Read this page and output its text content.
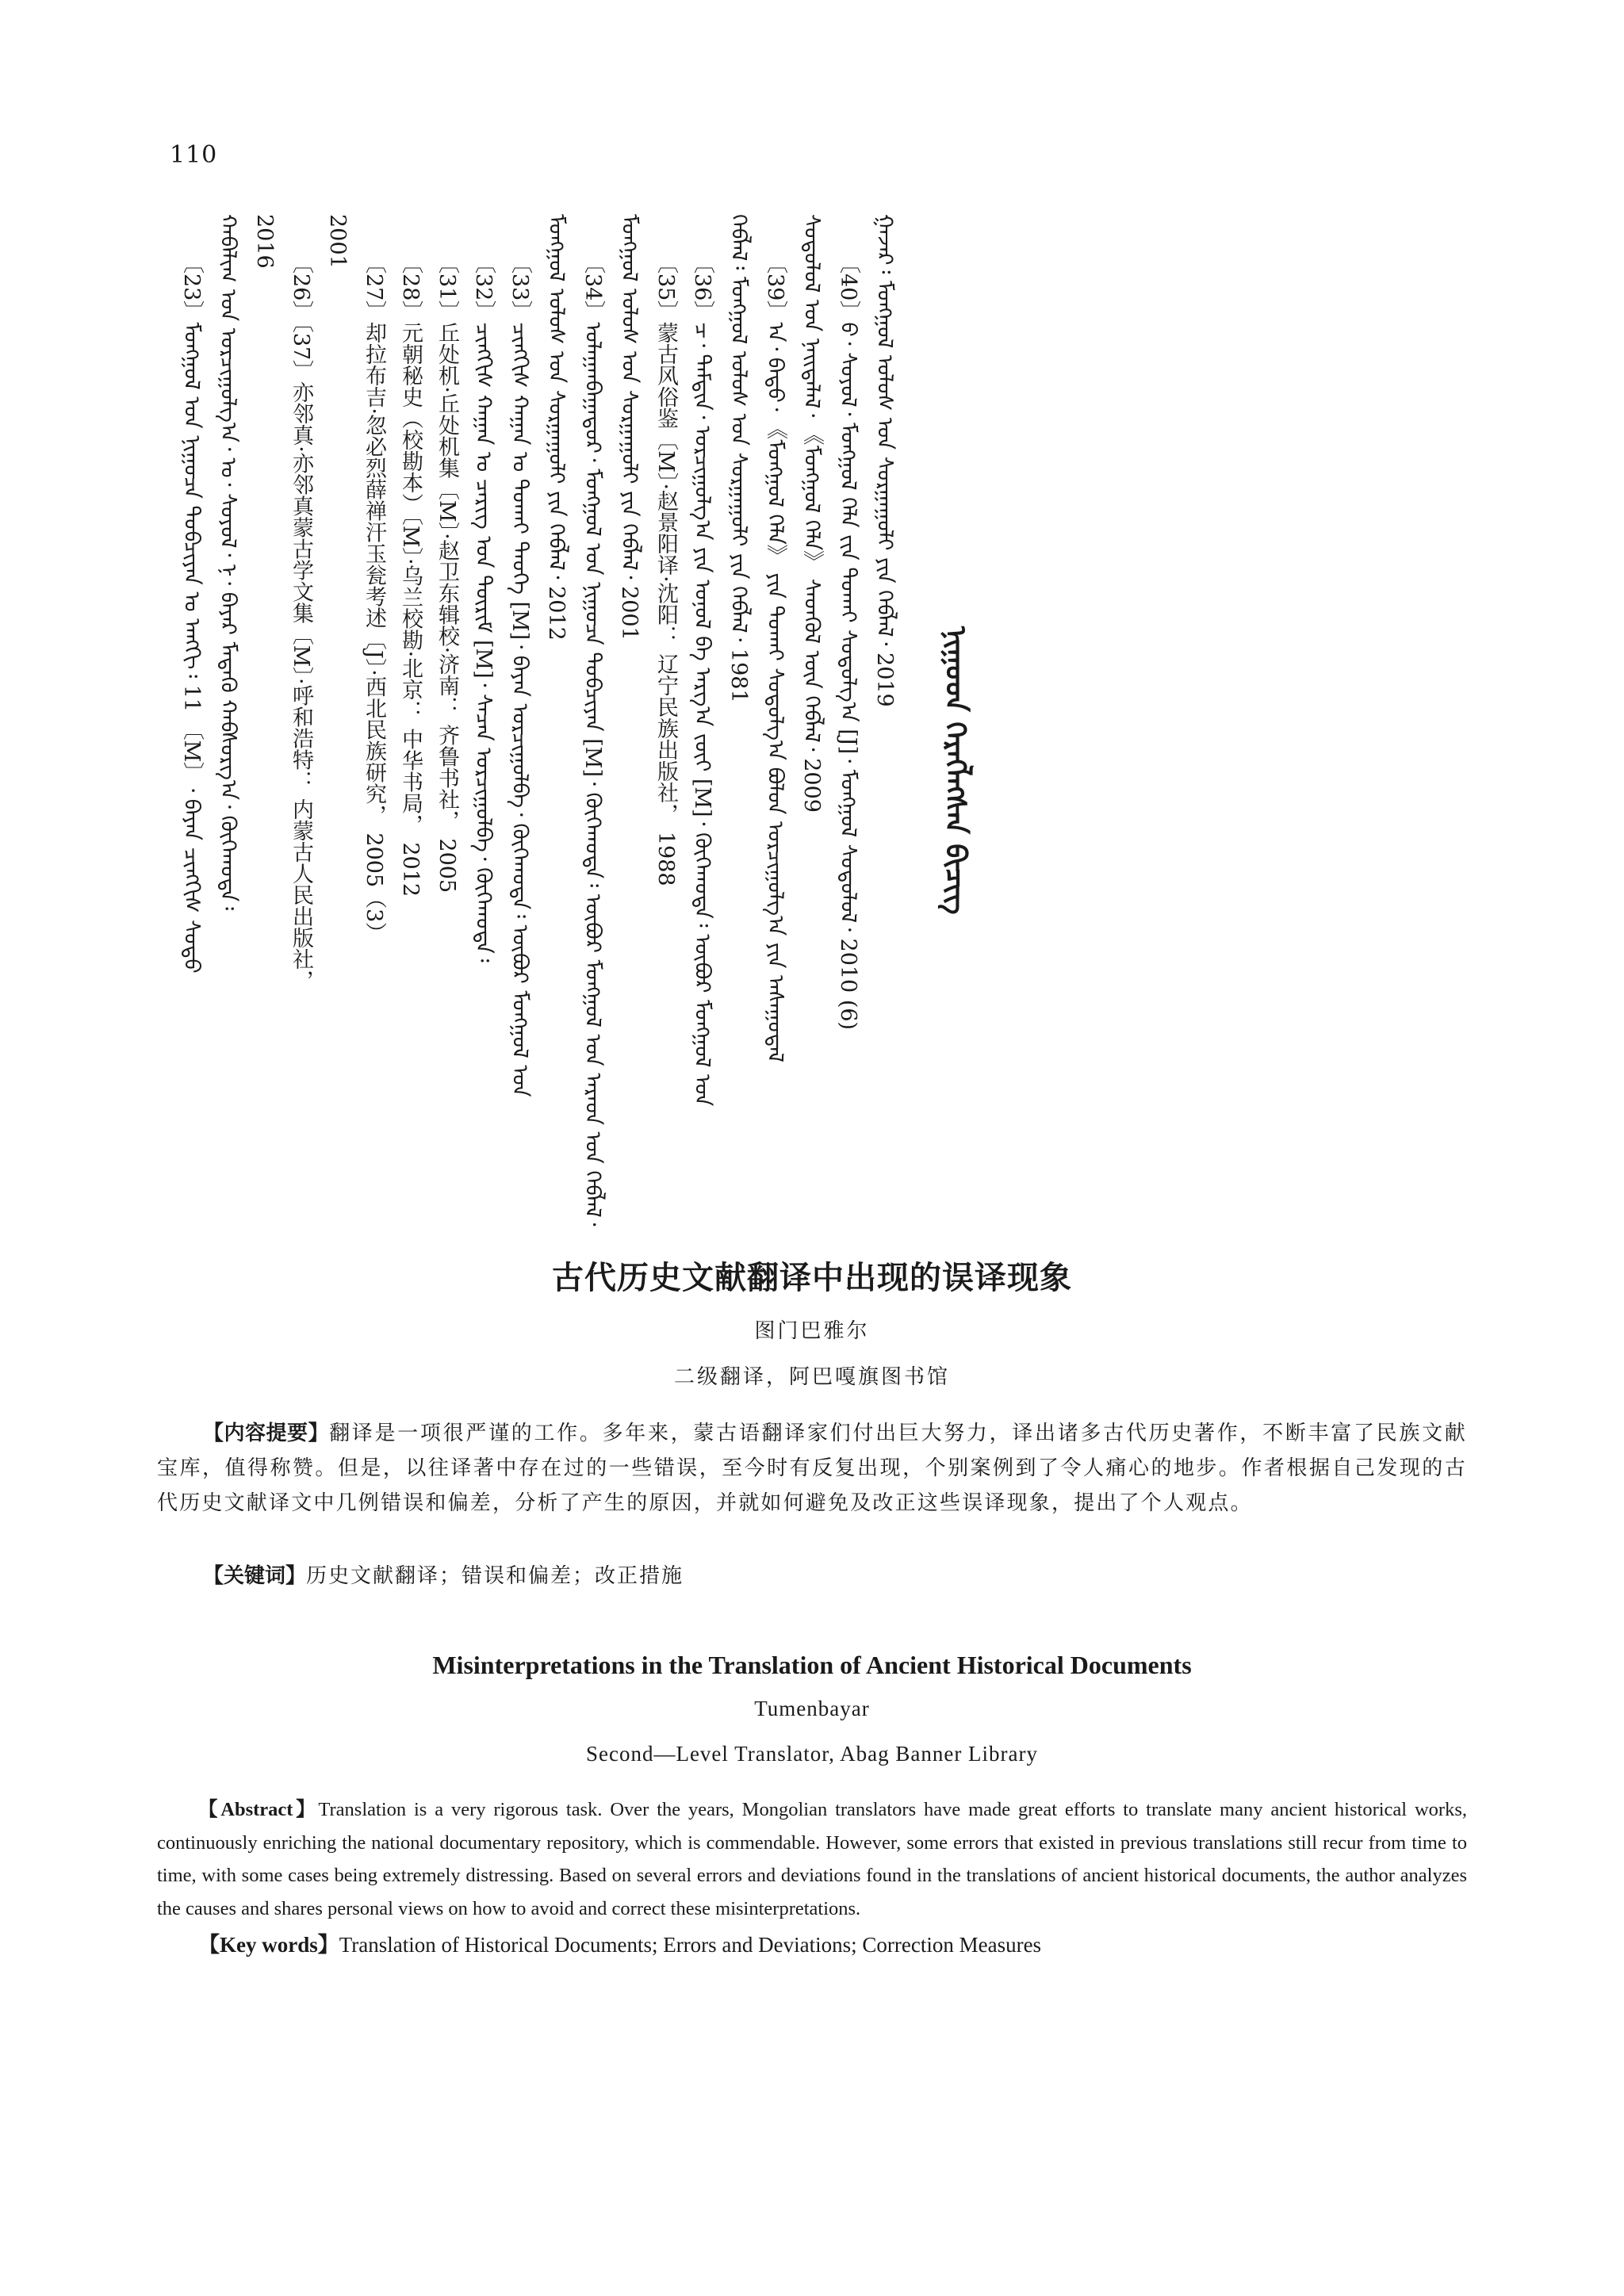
110
ᠨᠢᠭᠤᠳ ᠬᠡᠷᠡᠭᠯᠡᠭᠰᠡᠨ ᠪᠢᠴᠢᠭ
ᠭᠠᠵᠠᠷ᠄ ᠮᠣᠩᠭᠣᠯ ᠤᠯᠤᠰ ᠤᠨ ᠰᠤᠷᠭᠠᠭᠤᠯᠢ ᠶᠢᠨ ᠬᠡᠪᠯᠡᠯ᠂ 2019
〔40〕ᠪ᠂ ᠰᠣᠶᠣᠯ᠂ ᠮᠣᠩᠭᠣᠯ ᠬᠡᠯᠡ ᠵᠢᠨ ᠲᠤᠬᠠᠢ ᠰᠤᠳᠤᠯᠭ᠎ᠠ [J]᠂ ᠮᠣᠩᠭᠣᠯ ᠰᠤᠳᠤᠯᠤᠯ᠂ 2010 (6)
ᠰᠤᠳᠤᠯᠤᠯ ᠤᠨ ᠨᠡᠢᠲᠡᠯᠡᠯ᠂ 《ᠮᠣᠩᠭᠣᠯ ᠬᠡᠯᠡ》 ᠰᠡᠳᠬᠦᠯ ᠦᠨ ᠬᠡᠪᠯᠡᠯ᠂ 2009
〔39〕ᠠ᠂ ᠪᠠᠲᠤ᠂ 《ᠮᠣᠩᠭᠣᠯ ᠬᠡᠯᠡ》 ᠶᠢᠨ ᠲᠤᠬᠠᠢ ᠰᠤᠳᠤᠯᠭ᠎ᠠ ᠪᠣᠯᠤᠨ ᠣᠷᠴᠢᠭᠤᠯᠭ᠎ᠠ ᠶᠢᠨ ᠠᠰᠠᠭᠤᠳᠠᠯ
ᠬᠡᠪᠯᠡᠯ᠄ ᠮᠣᠩᠭᠣᠯ ᠤᠯᠤᠰ ᠤᠨ ᠰᠤᠷᠭᠠᠭᠤᠯᠢ ᠶᠢᠨ ᠬᠡᠪᠯᠡᠯ᠂ 1981
〔36〕ᠴ᠂ ᠳᠠᠮᠳᠢᠨ᠂ ᠣᠷᠴᠢᠭᠤᠯᠭ᠎ᠠ ᠶᠢᠨ ᠣᠨᠣᠯ ᠪᠠ ᠠᠷᠭ᠎ᠠ ᠵᠦᠢ [M]᠂ ᠬᠥᠬᠡᠬᠣᠲᠠ᠄ ᠥᠪᠦᠷ ᠮᠣᠩᠭᠣᠯ ᠤᠨ
〔35〕蒙古风俗鉴〔M〕·赵景阳译·沈阳： 辽宁民族出版社， 1988
ᠮᠣᠩᠭᠣᠯ ᠤᠯᠤᠰ ᠤᠨ ᠰᠤᠷᠭᠠᠭᠤᠯᠢ ᠶᠢᠨ ᠬᠡᠪᠯᠡᠯ᠂ 2001
〔34〕ᠤᠯᠠᠭᠠᠨᠪᠠᠭᠠᠲᠤᠷ᠂ ᠮᠣᠩᠭᠣᠯ ᠤᠨ ᠨᠢᠭᠤᠴᠠ ᠲᠣᠪᠴᠢᠶᠠᠨ [M]᠂ ᠬᠥᠬᠡᠬᠣᠲᠠ᠄ ᠥᠪᠦᠷ ᠮᠣᠩᠭᠣᠯ ᠤᠨ ᠠᠷᠠᠳ ᠤᠨ ᠬᠡᠪᠯᠡᠯ᠂
ᠮᠣᠩᠭᠣᠯ ᠤᠯᠤᠰ ᠤᠨ ᠰᠤᠷᠭᠠᠭᠤᠯᠢ ᠶᠢᠨ ᠬᠡᠪᠯᠡᠯ᠂ 2012
〔33〕ᠴᠢᠩᠭᠢᠰ ᠬᠠᠭᠠᠨ ᠤ ᠲᠤᠬᠠᠢ ᠲᠡᠦᠬᠡ [M]᠂ ᠪᠠᠶᠠᠨ ᠣᠷᠴᠢᠭᠤᠯᠪᠠ᠂ ᠬᠥᠬᠡᠬᠣᠲᠠ᠄ ᠥᠪᠦᠷ ᠮᠣᠩᠭᠣᠯ ᠤᠨ
〔32〕ᠴᠢᠩᠭᠢᠰ ᠬᠠᠭᠠᠨ ᠤ ᠴᠡᠷᠢᠭ ᠤᠨ ᠳᠦᠷᠢᠮ [M]᠂ ᠰᠡᠴᠡᠨ ᠣᠷᠴᠢᠭᠤᠯᠪᠠ᠂ ᠬᠥᠬᠡᠬᠣᠲᠠ᠄
〔31〕丘处机·丘处机集〔M〕·赵卫东辑校·济南： 齐鲁书社， 2005
〔28〕元朝秘史（校勘本）〔M〕·乌兰校勘·北京： 中华书局， 2012
〔27〕却拉布吉·忽必烈薛禅汗玉瓮考述〔J〕·西北民族研究， 2005（3）
2001
〔26〕〔37〕亦邻真·亦邻真蒙古学文集〔M〕·呼和浩特： 内蒙古人民出版社，
2016
ᠬᠠᠪᠠᠯᠢᠭ ᠤᠨ ᠣᠷᠴᠢᠭᠤᠯᠭ᠎ᠠ᠂ ᠣ᠂ ᠰᠤᠶᠣᠯ᠂ ᠨ᠂ ᠪᠠᠶᠠᠷ ᠮᠡᠳᠡᠬᠦ ᠬᠠᠪᠰᠤᠷᠭ᠎ᠠ᠂ ᠬᠥᠬᠡᠬᠣᠲᠠ᠄
〔23〕ᠮᠣᠩᠭᠣᠯ ᠤᠨ ᠨᠢᠭᠤᠴᠠ ᠲᠣᠪᠴᠢᠶᠠᠨ ᠤ ᠠᠩᠭᠢ᠄ 11 〔M〕᠂ ᠪᠠᠶᠠᠨ ᠴᠢᠩᠭᠢᠰ ᠰᠤᠳᠤ
古代历史文献翻译中出现的误译现象
图门巴雅尔
二级翻译，阿巴嘎旗图书馆

【内容提要】翻译是一项很严谨的工作。多年来，蒙古语翻译家们付出巨大努力，译出诸多古代历史著作，不断丰富了民族文献宝库，值得称赞。但是，以往译著中存在过的一些错误，至今时有反复出现，个别案例到了令人痛心的地步。作者根据自己发现的古代历史文献译文中几例错误和偏差，分析了产生的原因，并就如何避免及改正这些误译现象，提出了个人观点。

【关键词】历史文献翻译；错误和偏差；改正措施

Misinterpretations in the Translation of Ancient Historical Documents
Tumenbayar
Second—Level Translator, Abag Banner Library

【Abstract】Translation is a very rigorous task. Over the years, Mongolian translators have made great efforts to translate many ancient historical works, continuously enriching the national documentary repository, which is commendable. However, some errors that existed in previous translations still recur from time to time, with some cases being extremely distressing. Based on several errors and deviations found in the translations of ancient historical documents, the author analyzes the causes and shares personal views on how to avoid and correct these misinterpretations.

【Key words】Translation of Historical Documents; Errors and Deviations; Correction Measures
